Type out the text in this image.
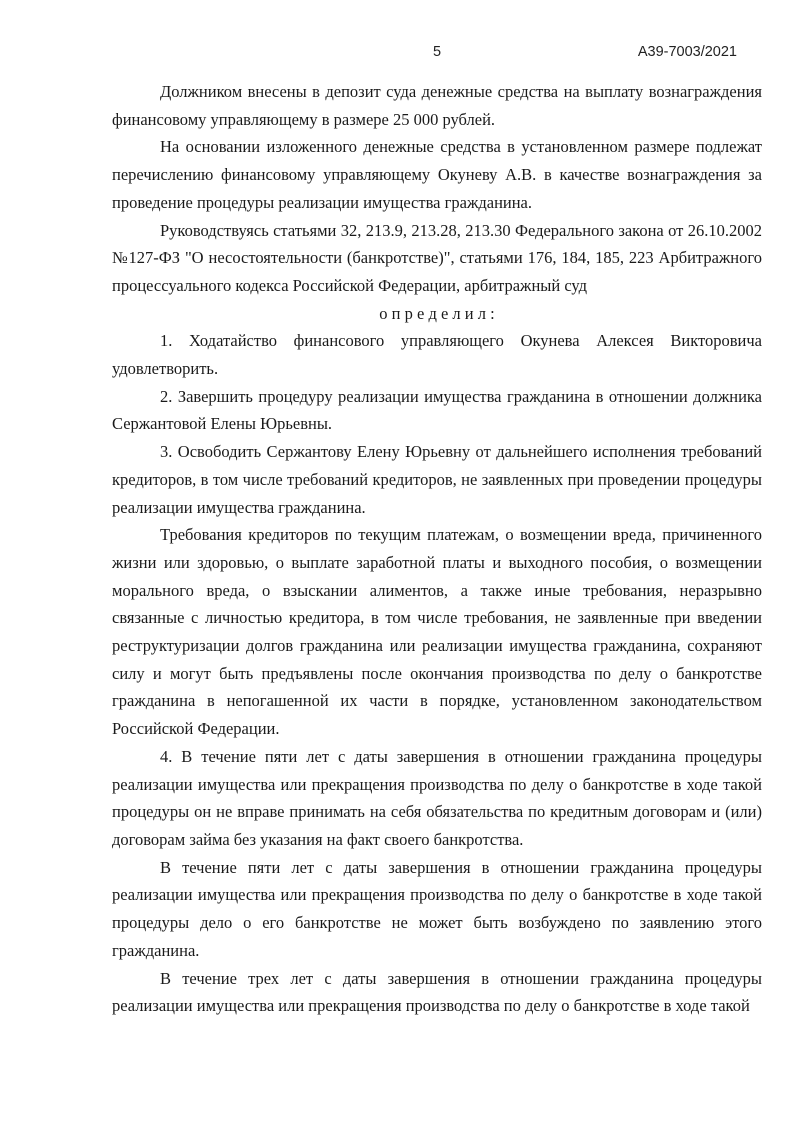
5	А39-7003/2021

Должником внесены в депозит суда денежные средства на выплату вознаграждения финансовому управляющему в размере 25 000 рублей.

На основании изложенного денежные средства в установленном размере подлежат перечислению финансовому управляющему Окуневу А.В. в качестве вознаграждения за проведение процедуры реализации имущества гражданина.

Руководствуясь статьями 32, 213.9, 213.28, 213.30 Федерального закона от 26.10.2002 №127-ФЗ "О несостоятельности (банкротстве)", статьями 176, 184, 185, 223 Арбитражного процессуального кодекса Российской Федерации, арбитражный суд

о п р е д е л и л :

1. Ходатайство финансового управляющего Окунева Алексея Викторовича удовлетворить.

2. Завершить процедуру реализации имущества гражданина в отношении должника Сержантовой Елены Юрьевны.

3. Освободить Сержантову Елену Юрьевну от дальнейшего исполнения требований кредиторов, в том числе требований кредиторов, не заявленных при проведении процедуры реализации имущества гражданина.

Требования кредиторов по текущим платежам, о возмещении вреда, причиненного жизни или здоровью, о выплате заработной платы и выходного пособия, о возмещении морального вреда, о взыскании алиментов, а также иные требования, неразрывно связанные с личностью кредитора, в том числе требования, не заявленные при введении реструктуризации долгов гражданина или реализации имущества гражданина, сохраняют силу и могут быть предъявлены после окончания производства по делу о банкротстве гражданина в непогашенной их части в порядке, установленном законодательством Российской Федерации.

4. В течение пяти лет с даты завершения в отношении гражданина процедуры реализации имущества или прекращения производства по делу о банкротстве в ходе такой процедуры он не вправе принимать на себя обязательства по кредитным договорам и (или) договорам займа без указания на факт своего банкротства.

В течение пяти лет с даты завершения в отношении гражданина процедуры реализации имущества или прекращения производства по делу о банкротстве в ходе такой процедуры дело о его банкротстве не может быть возбуждено по заявлению этого гражданина.

В течение трех лет с даты завершения в отношении гражданина процедуры реализации имущества или прекращения производства по делу о банкротстве в ходе такой
